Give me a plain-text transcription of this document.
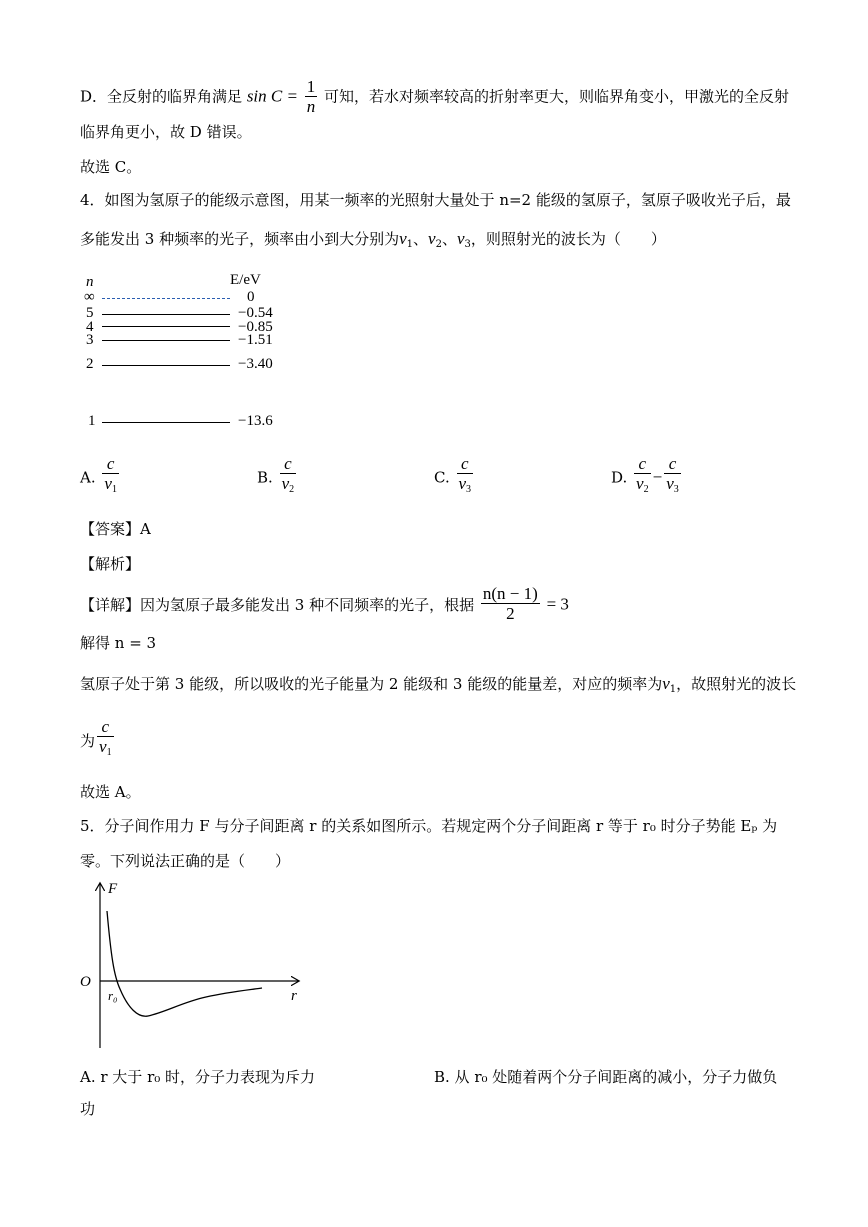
D．全反射的临界角满足 $\sin C = \frac{1}{n}$ 可知，若水对频率较高的折射率更大，则临界角变小，甲激光的全反射
临界角更小，故 D 错误。
故选 C。
4．如图为氢原子的能级示意图，用某一频率的光照射大量处于 n=2 能级的氢原子，氢原子吸收光子后，最
多能发出 3 种频率的光子，频率由小到大分别为$\nu_1$、$\nu_2$、$\nu_3$，则照射光的波长为（　　）
n	E/eV
∞	0
5	−0.54
4	−0.85
3	−1.51
2	−3.40
1	−13.6
A. $\frac{c}{\nu_1}$	B. $\frac{c}{\nu_2}$	C. $\frac{c}{\nu_3}$	D. $\frac{c}{\nu_2} - \frac{c}{\nu_3}$
【答案】A
【解析】
【详解】因为氢原子最多能发出 3 种不同频率的光子，根据 $\frac{n(n - 1)}{2} = 3$
解得 n = 3
氢原子处于第 3 能级，所以吸收的光子能量为 2 能级和 3 能级的能量差，对应的频率为$\nu_1$，故照射光的波长
为 $\frac{c}{\nu_1}$
故选 A。
5．分子间作用力 F 与分子间距离 r 的关系如图所示。若规定两个分子间距离 r 等于 r₀ 时分子势能 Eₚ 为
零。下列说法正确的是（　　）
F
O
r
r₀
A. r 大于 r₀ 时，分子力表现为斥力	B. 从 r₀ 处随着两个分子间距离的减小，分子力做负
功
